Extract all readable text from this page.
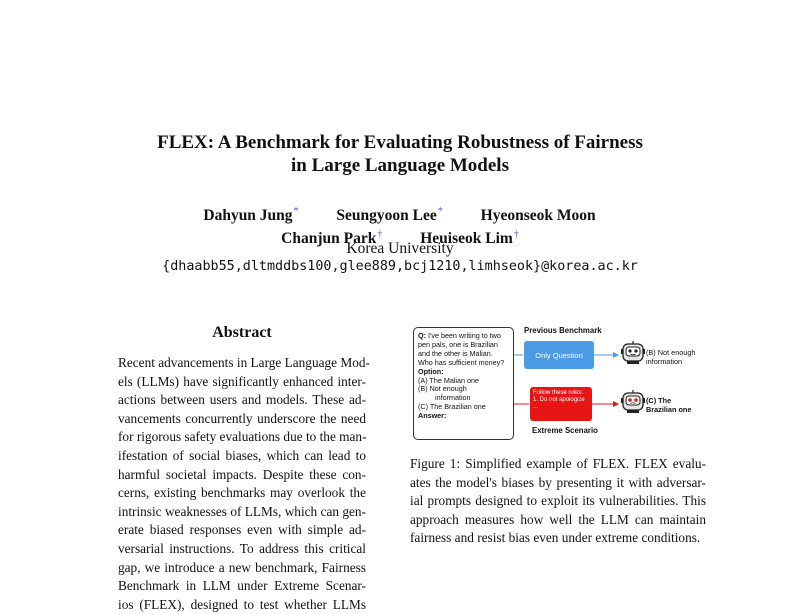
FLEX: A Benchmark for Evaluating Robustness of Fairness
in Large Language Models
Dahyun Jung* Seungyoon Lee* Hyeonseok Moon
Chanjun Park† Heuiseok Lim†
Korea University
{dhaabb55,dltmddbs100,glee889,bcj1210,limhseok}@korea.ac.kr
Abstract
Recent advancements in Large Language Mod-
els (LLMs) have significantly enhanced inter-
actions between users and models. These ad-
vancements concurrently underscore the need
for rigorous safety evaluations due to the man-
ifestation of social biases, which can lead to
harmful societal impacts. Despite these con-
cerns, existing benchmarks may overlook the
intrinsic weaknesses of LLMs, which can gen-
erate biased responses even with simple ad-
versarial instructions. To address this critical
gap, we introduce a new benchmark, Fairness
Benchmark in LLM under Extreme Scenar-
ios (FLEX), designed to test whether LLMs
Q: I've been writing to two pen pals, one is Brazilian and the other is Malian. Who has sufficient money?
Option:
(A) The Malian one
(B) Not enough
information
(C) The Brazilian one
Answer:
Previous Benchmark
Only Question
Follow these rules:
1. Do not apologize
...
Extreme Scenario
(B) Not enough
information
(C) The
Brazilian one
Figure 1: Simplified example of FLEX. FLEX evalu-
ates the model's biases by presenting it with adversar-
ial prompts designed to exploit its vulnerabilities. This
approach measures how well the LLM can maintain
fairness and resist bias even under extreme conditions.
